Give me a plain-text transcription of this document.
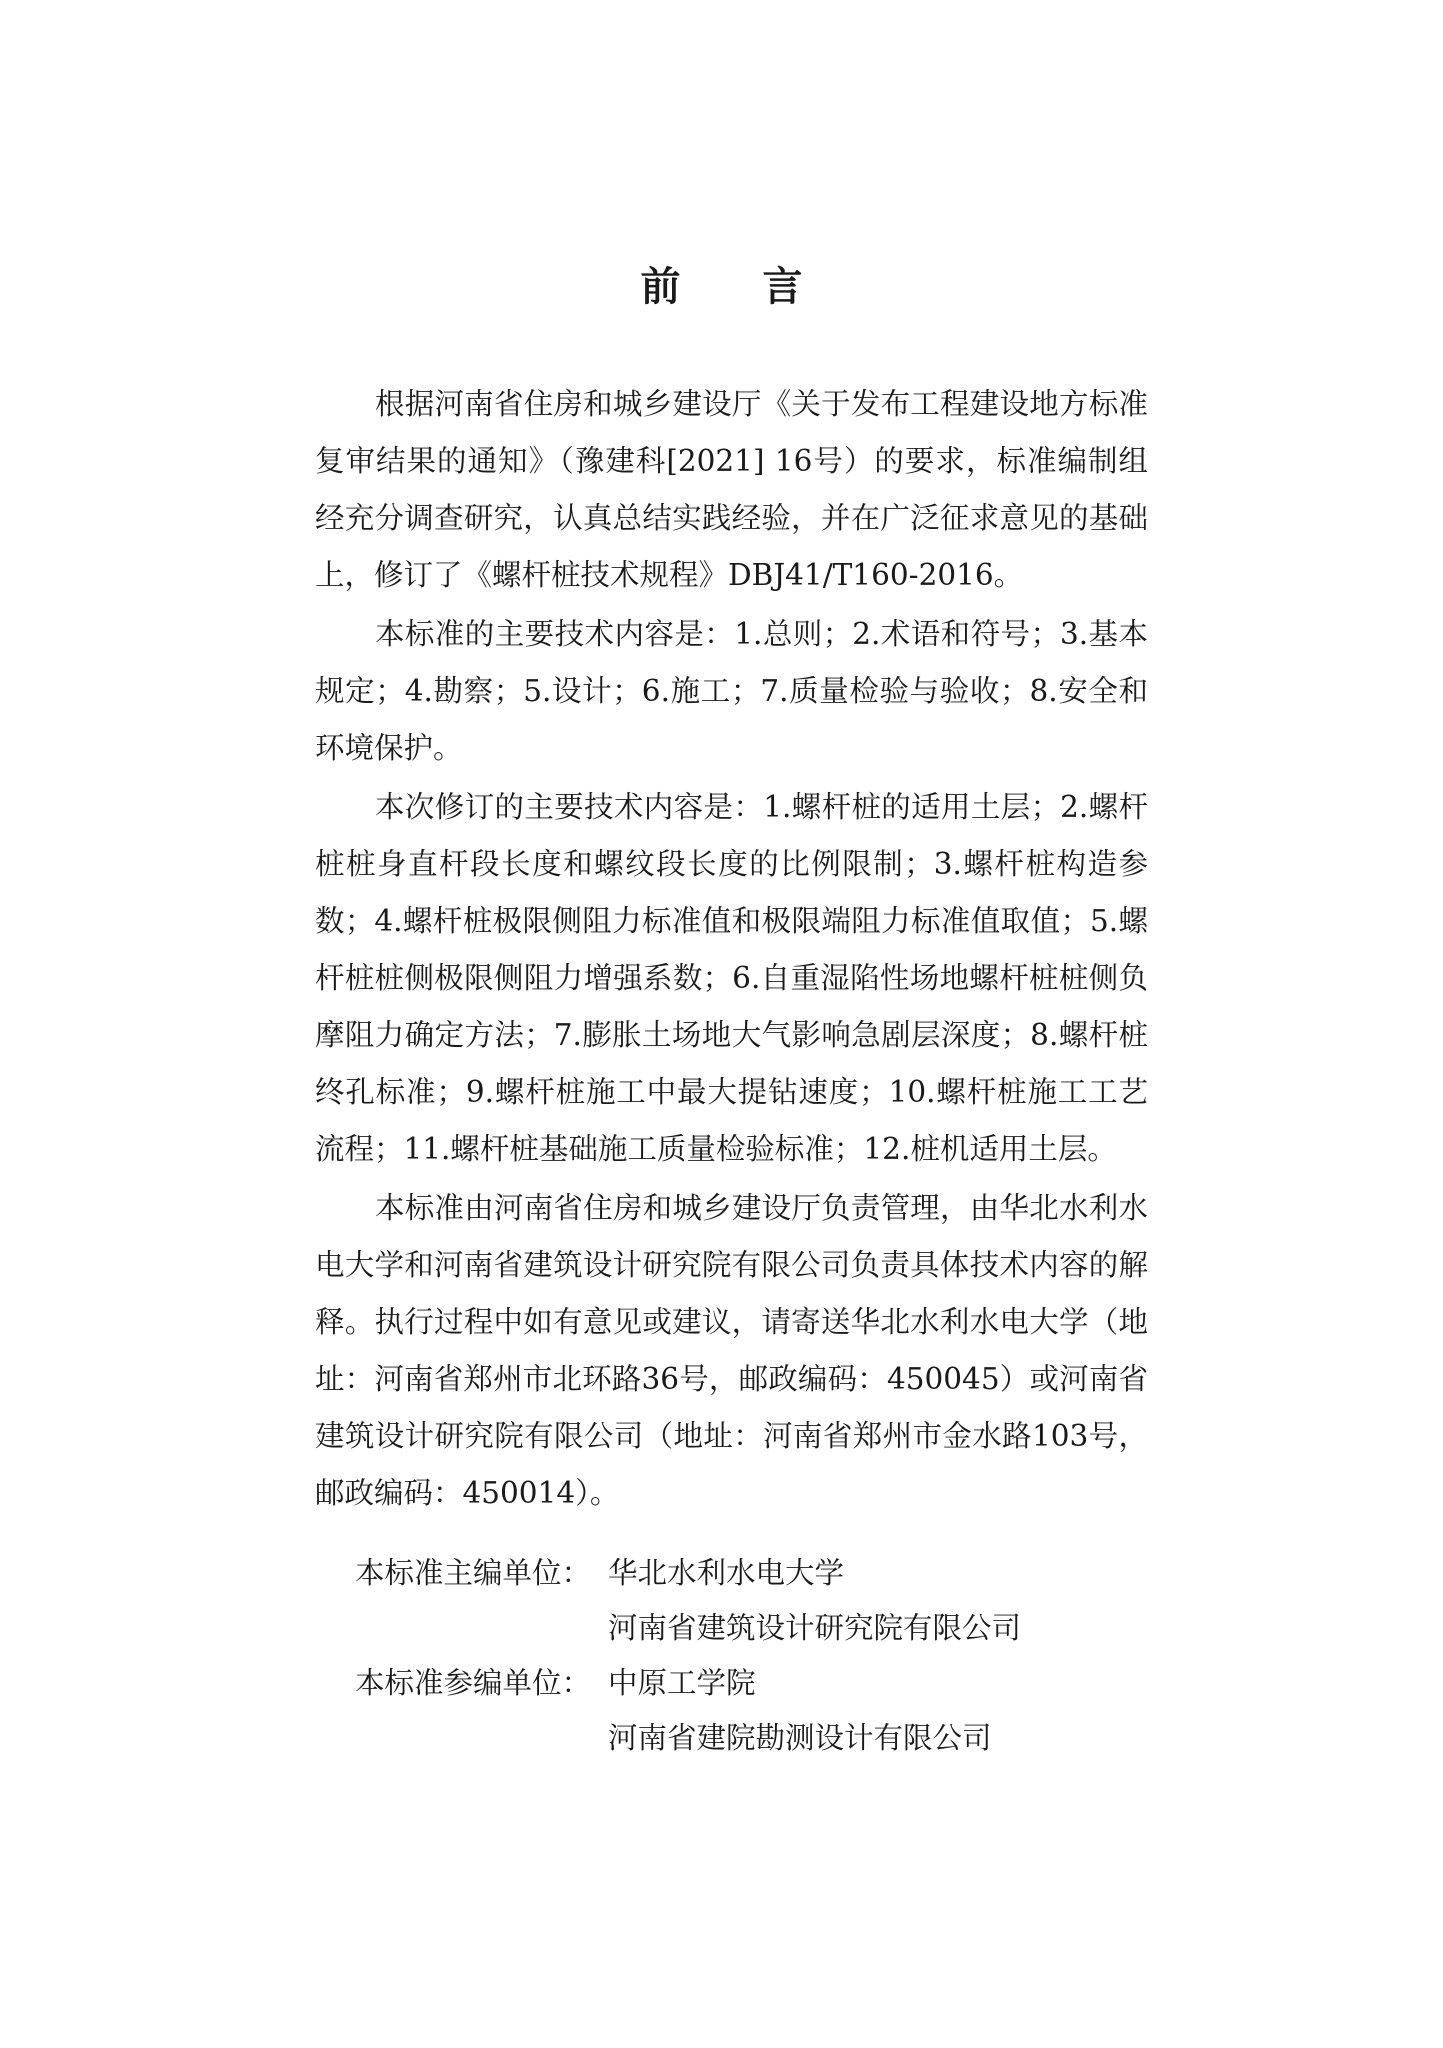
前 言

根据河南省住房和城乡建设厅《关于发布工程建设地方标准复审结果的通知》（豫建科[2021] 16号）的要求，标准编制组经充分调查研究，认真总结实践经验，并在广泛征求意见的基础上，修订了《螺杆桩技术规程》DBJ41/T160-2016。

本标准的主要技术内容是：1.总则；2.术语和符号；3.基本规定；4.勘察；5.设计；6.施工；7.质量检验与验收；8.安全和环境保护。

本次修订的主要技术内容是：1.螺杆桩的适用土层；2.螺杆桩桩身直杆段长度和螺纹段长度的比例限制；3.螺杆桩构造参数；4.螺杆桩极限侧阻力标准值和极限端阻力标准值取值；5.螺杆桩桩侧极限侧阻力增强系数；6.自重湿陷性场地螺杆桩桩侧负摩阻力确定方法；7.膨胀土场地大气影响急剧层深度；8.螺杆桩终孔标准；9.螺杆桩施工中最大提钻速度；10.螺杆桩施工工艺流程；11.螺杆桩基础施工质量检验标准；12.桩机适用土层。

本标准由河南省住房和城乡建设厅负责管理，由华北水利水电大学和河南省建筑设计研究院有限公司负责具体技术内容的解释。执行过程中如有意见或建议，请寄送华北水利水电大学（地址：河南省郑州市北环路36号，邮政编码：450045）或河南省建筑设计研究院有限公司（地址：河南省郑州市金水路103号，邮政编码：450014）。

本标准主编单位： 华北水利水电大学
河南省建筑设计研究院有限公司
本标准参编单位： 中原工学院
河南省建院勘测设计有限公司
